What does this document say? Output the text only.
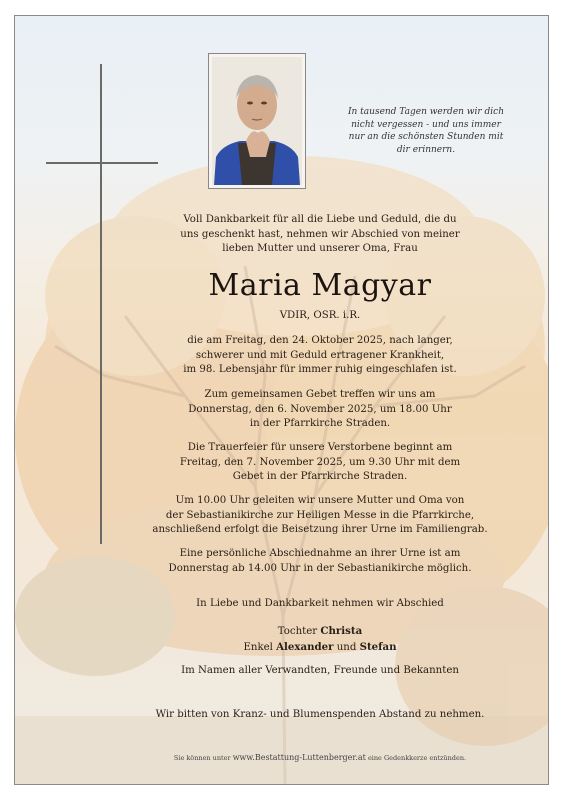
In tausend Tagen werden wir dich
nicht vergessen - und uns immer
nur an die schönsten Stunden mit
dir erinnern.
Voll Dankbarkeit für all die Liebe und Geduld, die du
uns geschenkt hast, nehmen wir Abschied von meiner
lieben Mutter und unserer Oma, Frau
Maria Magyar
VDIR, OSR. i.R.
die am Freitag, den 24. Oktober 2025, nach langer,
schwerer und mit Geduld ertragener Krankheit,
im 98. Lebensjahr für immer ruhig eingeschlafen ist.
Zum gemeinsamen Gebet treffen wir uns am
Donnerstag, den 6. November 2025, um 18.00 Uhr
in der Pfarrkirche Straden.
Die Trauerfeier für unsere Verstorbene beginnt am
Freitag, den 7. November 2025, um 9.30 Uhr mit dem
Gebet in der Pfarrkirche Straden.
Um 10.00 Uhr geleiten wir unsere Mutter und Oma von
der Sebastianikirche zur Heiligen Messe in die Pfarrkirche,
anschließend erfolgt die Beisetzung ihrer Urne im Familiengrab.
Eine persönliche Abschiednahme an ihrer Urne ist am
Donnerstag ab 14.00 Uhr in der Sebastianikirche möglich.
In Liebe und Dankbarkeit nehmen wir Abschied
Tochter Christa
Enkel Alexander und Stefan
Im Namen aller Verwandten, Freunde und Bekannten
Wir bitten von Kranz- und Blumenspenden Abstand zu nehmen.
Sie können unter www.Bestattung-Luttenberger.at eine Gedenkkerze entzünden.
